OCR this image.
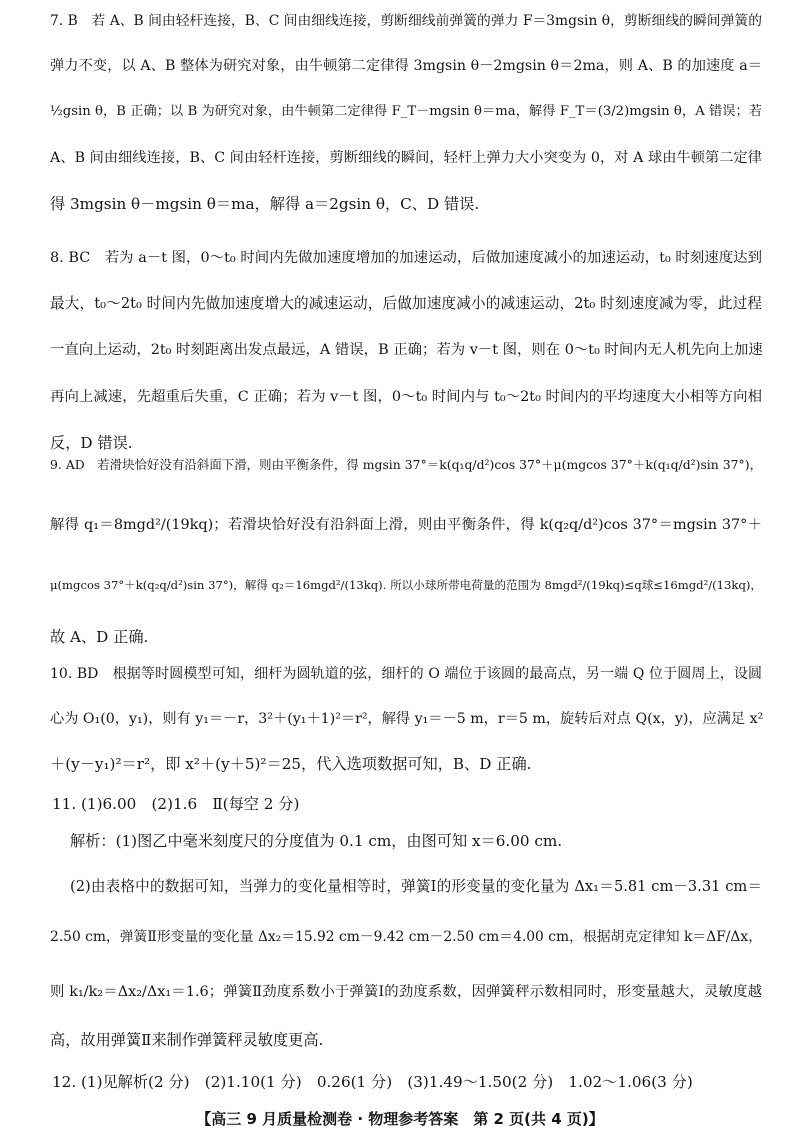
7. B　若 A、B 间由轻杆连接，B、C 间由细线连接，剪断细线前弹簧的弹力 F＝3mgsin θ，剪断细线的瞬间弹簧的
弹力不变，以 A、B 整体为研究对象，由牛顿第二定律得 3mgsin θ－2mgsin θ＝2ma，则 A、B 的加速度 a＝
½gsin θ，B 正确；以 B 为研究对象，由牛顿第二定律得 F_T－mgsin θ＝ma，解得 F_T＝(3/2)mgsin θ，A 错误；若
A、B 间由细线连接，B、C 间由轻杆连接，剪断细线的瞬间，轻杆上弹力大小突变为 0，对 A 球由牛顿第二定律
得 3mgsin θ－mgsin θ＝ma，解得 a＝2gsin θ，C、D 错误.
8. BC　若为 a－t 图，0～t₀ 时间内先做加速度增加的加速运动，后做加速度减小的加速运动，t₀ 时刻速度达到
最大，t₀～2t₀ 时间内先做加速度增大的减速运动，后做加速度减小的减速运动，2t₀ 时刻速度减为零，此过程
一直向上运动，2t₀ 时刻距离出发点最远，A 错误，B 正确；若为 v－t 图，则在 0～t₀ 时间内无人机先向上加速
再向上减速，先超重后失重，C 正确；若为 v－t 图，0～t₀ 时间内与 t₀～2t₀ 时间内的平均速度大小相等方向相
反，D 错误.
9. AD　若滑块恰好没有沿斜面下滑，则由平衡条件，得 mgsin 37°＝k(q₁q/d²)cos 37°＋μ(mgcos 37°＋k(q₁q/d²)sin 37°)，
解得 q₁＝8mgd²/(19kq)；若滑块恰好没有沿斜面上滑，则由平衡条件，得 k(q₂q/d²)cos 37°＝mgsin 37°＋
μ(mgcos 37°＋k(q₂q/d²)sin 37°)，解得 q₂＝16mgd²/(13kq). 所以小球所带电荷量的范围为 8mgd²/(19kq)≤q球≤16mgd²/(13kq)，
故 A、D 正确.
10. BD　根据等时圆模型可知，细杆为圆轨道的弦，细杆的 O 端位于该圆的最高点，另一端 Q 位于圆周上，设圆
心为 O₁(0，y₁)，则有 y₁＝－r，3²＋(y₁＋1)²＝r²，解得 y₁＝－5 m，r＝5 m，旋转后对点 Q(x，y)，应满足 x²
＋(y－y₁)²＝r²，即 x²＋(y＋5)²＝25，代入选项数据可知，B、D 正确.
11. (1)6.00　(2)1.6　Ⅱ(每空 2 分)
解析：(1)图乙中毫米刻度尺的分度值为 0.1 cm，由图可知 x＝6.00 cm.
(2)由表格中的数据可知，当弹力的变化量相等时，弹簧Ⅰ的形变量的变化量为 Δx₁＝5.81 cm－3.31 cm＝
2.50 cm，弹簧Ⅱ形变量的变化量 Δx₂＝15.92 cm－9.42 cm－2.50 cm＝4.00 cm，根据胡克定律知 k＝ΔF/Δx，
则 k₁/k₂＝Δx₂/Δx₁＝1.6；弹簧Ⅱ劲度系数小于弹簧Ⅰ的劲度系数，因弹簧秤示数相同时，形变量越大，灵敏度越
高，故用弹簧Ⅱ来制作弹簧秤灵敏度更高.
12. (1)见解析(2 分)　(2)1.10(1 分)　0.26(1 分)　(3)1.49～1.50(2 分)　1.02～1.06(3 分)
【高三 9 月质量检测卷 · 物理参考答案　第 2 页(共 4 页)】
